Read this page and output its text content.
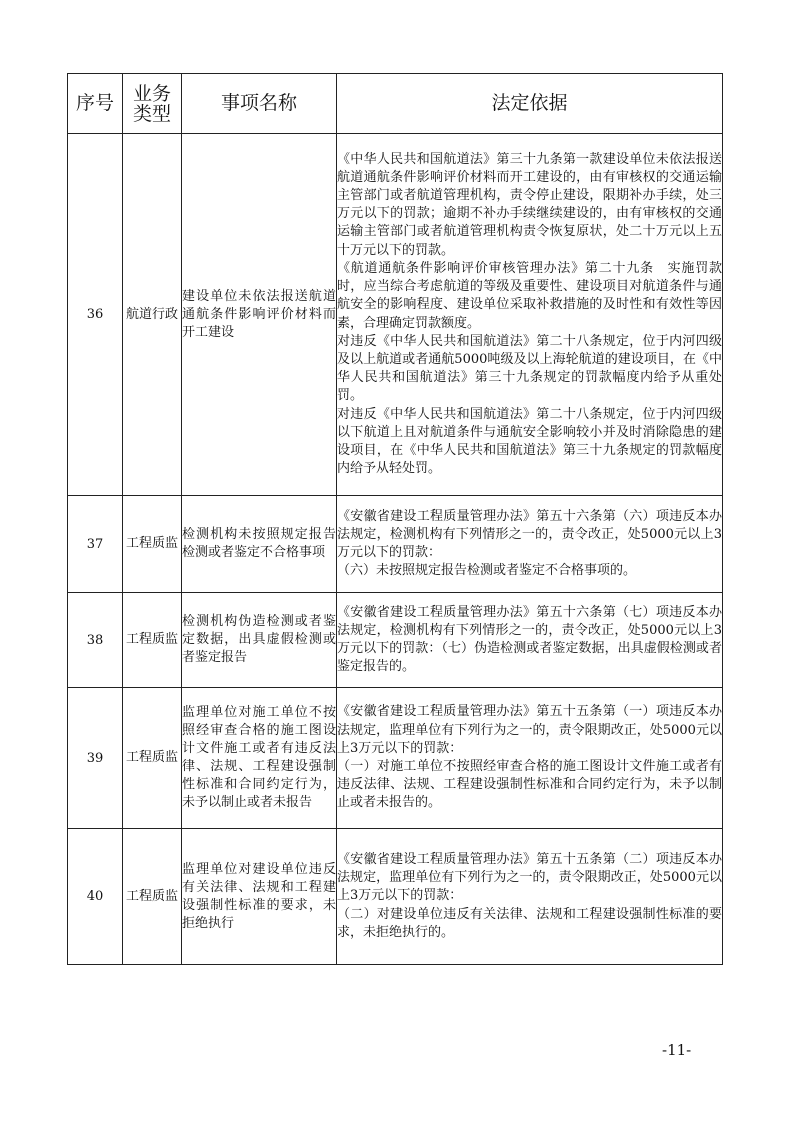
序号	业务类型	事项名称	法定依据
36	航道行政	建设单位未依法报送航道通航条件影响评价材料而开工建设	《中华人民共和国航道法》第三十九条第一款建设单位未依法报送航道通航条件影响评价材料而开工建设的，由有审核权的交通运输主管部门或者航道管理机构，责令停止建设，限期补办手续，处三万元以下的罚款；逾期不补办手续继续建设的，由有审核权的交通运输主管部门或者航道管理机构责令恢复原状，处二十万元以上五十万元以下的罚款。

《航道通航条件影响评价审核管理办法》第二十九条　实施罚款时，应当综合考虑航道的等级及重要性、建设项目对航道条件与通航安全的影响程度、建设单位采取补救措施的及时性和有效性等因素，合理确定罚款额度。

对违反《中华人民共和国航道法》第二十八条规定，位于内河四级及以上航道或者通航5000吨级及以上海轮航道的建设项目，在《中华人民共和国航道法》第三十九条规定的罚款幅度内给予从重处罚。

对违反《中华人民共和国航道法》第二十八条规定，位于内河四级以下航道上且对航道条件与通航安全影响较小并及时消除隐患的建设项目，在《中华人民共和国航道法》第三十九条规定的罚款幅度内给予从轻处罚。

37	工程质监	检测机构未按照规定报告检测或者鉴定不合格事项	《安徽省建设工程质量管理办法》第五十六条第（六）项违反本办法规定，检测机构有下列情形之一的，责令改正，处5000元以上3万元以下的罚款：

（六）未按照规定报告检测或者鉴定不合格事项的。

38	工程质监	检测机构伪造检测或者鉴定数据，出具虚假检测或者鉴定报告	《安徽省建设工程质量管理办法》第五十六条第（七）项违反本办法规定，检测机构有下列情形之一的，责令改正，处5000元以上3万元以下的罚款：（七）伪造检测或者鉴定数据，出具虚假检测或者鉴定报告的。

39	工程质监	监理单位对施工单位不按照经审查合格的施工图设计文件施工或者有违反法律、法规、工程建设强制性标准和合同约定行为，未予以制止或者未报告	《安徽省建设工程质量管理办法》第五十五条第（一）项违反本办法规定，监理单位有下列行为之一的，责令限期改正，处5000元以上3万元以下的罚款：

（一）对施工单位不按照经审查合格的施工图设计文件施工或者有违反法律、法规、工程建设强制性标准和合同约定行为，未予以制止或者未报告的。

40	工程质监	监理单位对建设单位违反有关法律、法规和工程建设强制性标准的要求，未拒绝执行	《安徽省建设工程质量管理办法》第五十五条第（二）项违反本办法规定，监理单位有下列行为之一的，责令限期改正，处5000元以上3万元以下的罚款：

（二）对建设单位违反有关法律、法规和工程建设强制性标准的要求，未拒绝执行的。

-11-
